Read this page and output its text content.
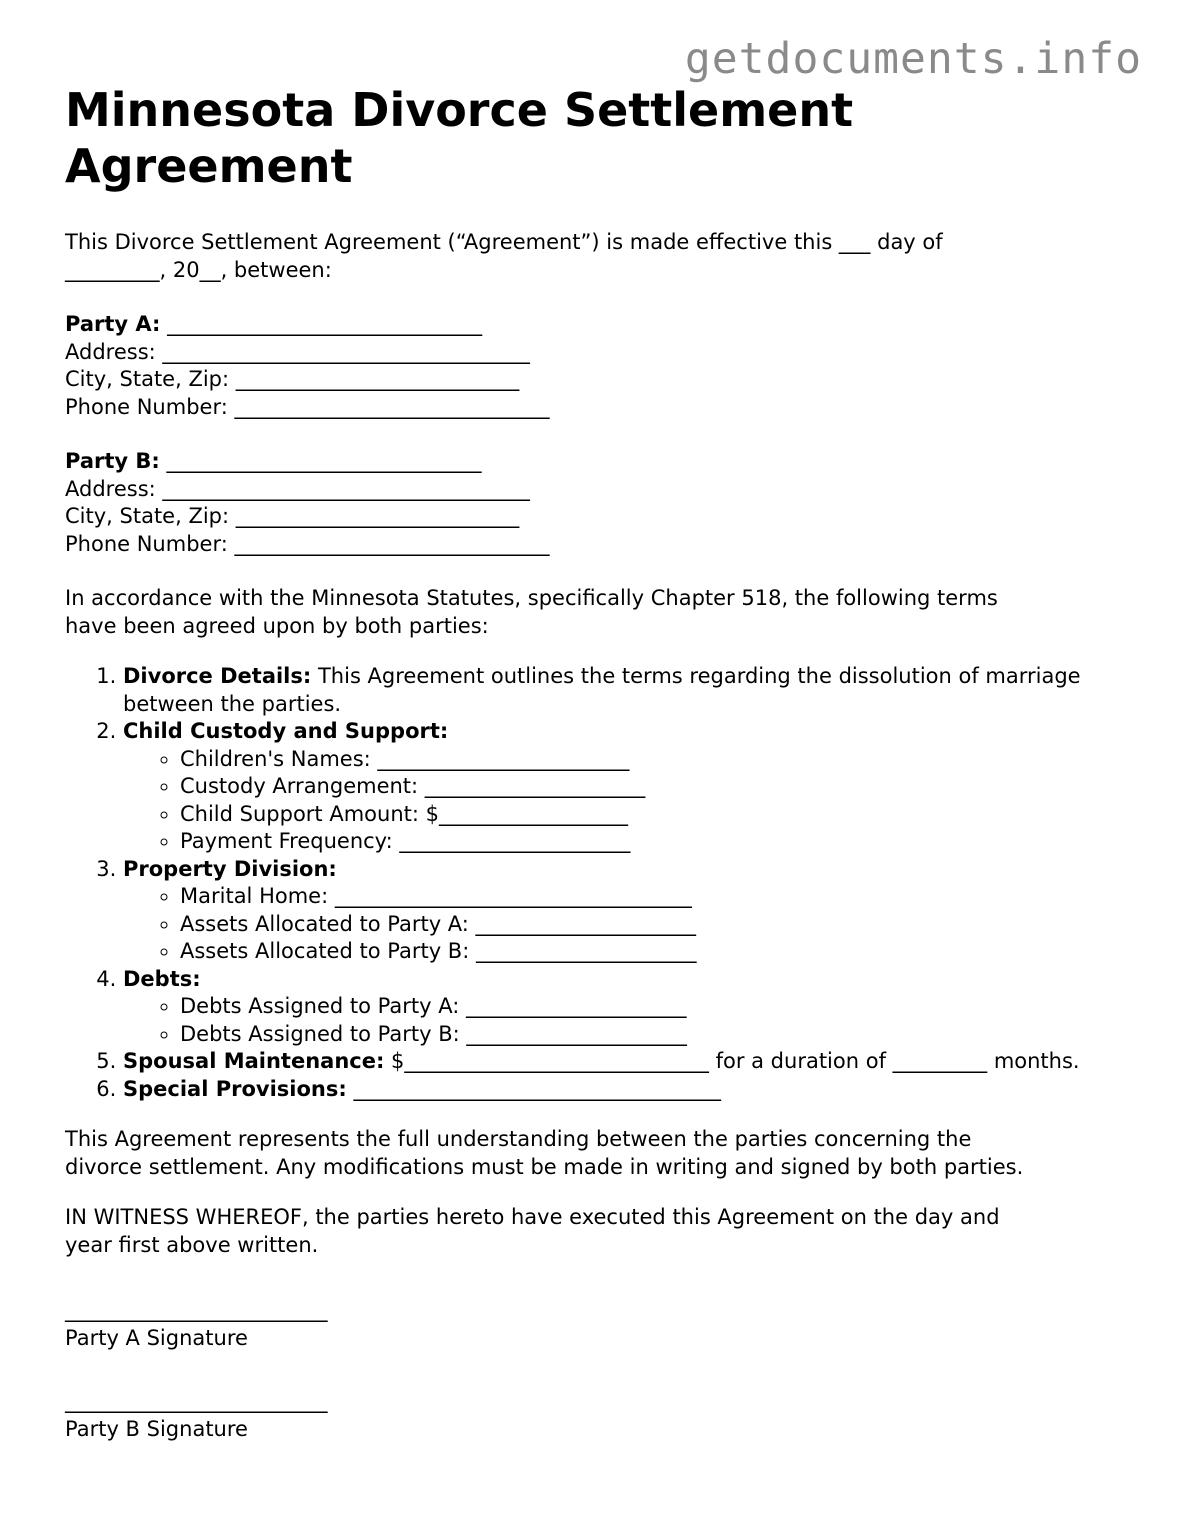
getdocuments.info
Minnesota Divorce Settlement Agreement

This Divorce Settlement Agreement (“Agreement”) is made effective this ___ day of

_________, 20__, between:

Party A: ______________________________

Address: ___________________________________

City, State, Zip: ___________________________

Phone Number: ______________________________

Party B: ______________________________

Address: ___________________________________

City, State, Zip: ___________________________

Phone Number: ______________________________

In accordance with the Minnesota Statutes, specifically Chapter 518, the following terms

have been agreed upon by both parties:

1. Divorce Details: This Agreement outlines the terms regarding the dissolution of marriage between the parties.
2. Child Custody and Support:
◦ Children's Names: ________________________
◦ Custody Arrangement: _____________________
◦ Child Support Amount: $__________________
◦ Payment Frequency: ______________________
3. Property Division:
◦ Marital Home: __________________________________
◦ Assets Allocated to Party A: _____________________
◦ Assets Allocated to Party B: _____________________
4. Debts:
◦ Debts Assigned to Party A: _____________________
◦ Debts Assigned to Party B: _____________________
5. Spousal Maintenance: $_____________________________ for a duration of _________ months.
6. Special Provisions: ___________________________________

This Agreement represents the full understanding between the parties concerning the

divorce settlement. Any modifications must be made in writing and signed by both parties.

IN WITNESS WHEREOF, the parties hereto have executed this Agreement on the day and

year first above written.

_________________________

Party A Signature

_________________________

Party B Signature
